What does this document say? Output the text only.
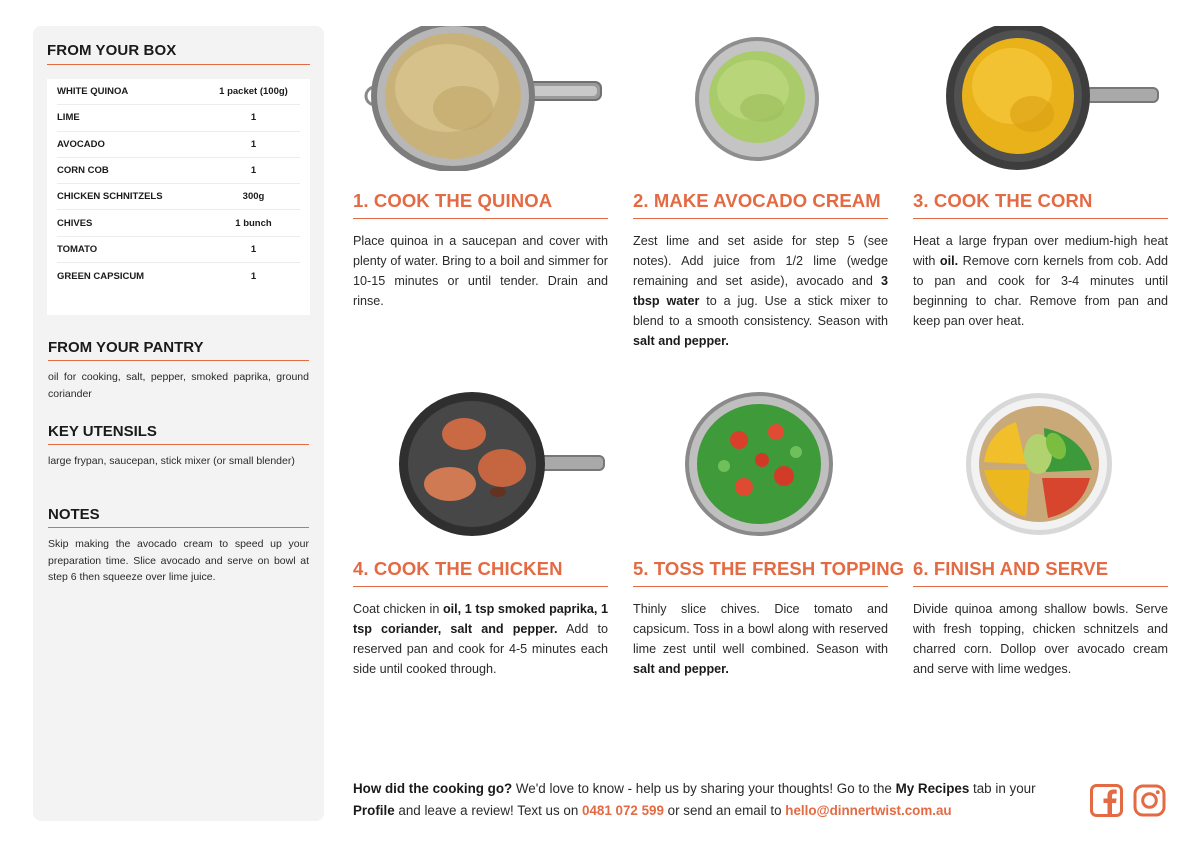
FROM YOUR BOX
WHITE QUINOA	1 packet (100g)
LIME	1
AVOCADO	1
CORN COB	1
CHICKEN SCHNITZELS	300g
CHIVES	1 bunch
TOMATO	1
GREEN CAPSICUM	1
FROM YOUR PANTRY
oil for cooking, salt, pepper, smoked paprika, ground coriander
KEY UTENSILS
large frypan, saucepan, stick mixer (or small blender)
NOTES
Skip making the avocado cream to speed up your preparation time. Slice avocado and serve on bowl at step 6 then squeeze over lime juice.
1. COOK THE QUINOA
Place quinoa in a saucepan and cover with plenty of water. Bring to a boil and simmer for 10-15 minutes or until tender. Drain and rinse.
2. MAKE AVOCADO CREAM
Zest lime and set aside for step 5 (see notes). Add juice from 1/2 lime (wedge remaining and set aside), avocado and 3 tbsp water to a jug. Use a stick mixer to blend to a smooth consistency. Season with salt and pepper.
3. COOK THE CORN
Heat a large frypan over medium-high heat with oil. Remove corn kernels from cob. Add to pan and cook for 3-4 minutes until beginning to char. Remove from pan and keep pan over heat.
4. COOK THE CHICKEN
Coat chicken in oil, 1 tsp smoked paprika, 1 tsp coriander, salt and pepper. Add to reserved pan and cook for 4-5 minutes each side until cooked through.
5. TOSS THE FRESH TOPPING
Thinly slice chives. Dice tomato and capsicum. Toss in a bowl along with reserved lime zest until well combined. Season with salt and pepper.
6. FINISH AND SERVE
Divide quinoa among shallow bowls. Serve with fresh topping, chicken schnitzels and charred corn. Dollop over avocado cream and serve with lime wedges.
How did the cooking go? We'd love to know - help us by sharing your thoughts! Go to the My Recipes tab in your Profile and leave a review! Text us on 0481 072 599 or send an email to hello@dinnertwist.com.au
